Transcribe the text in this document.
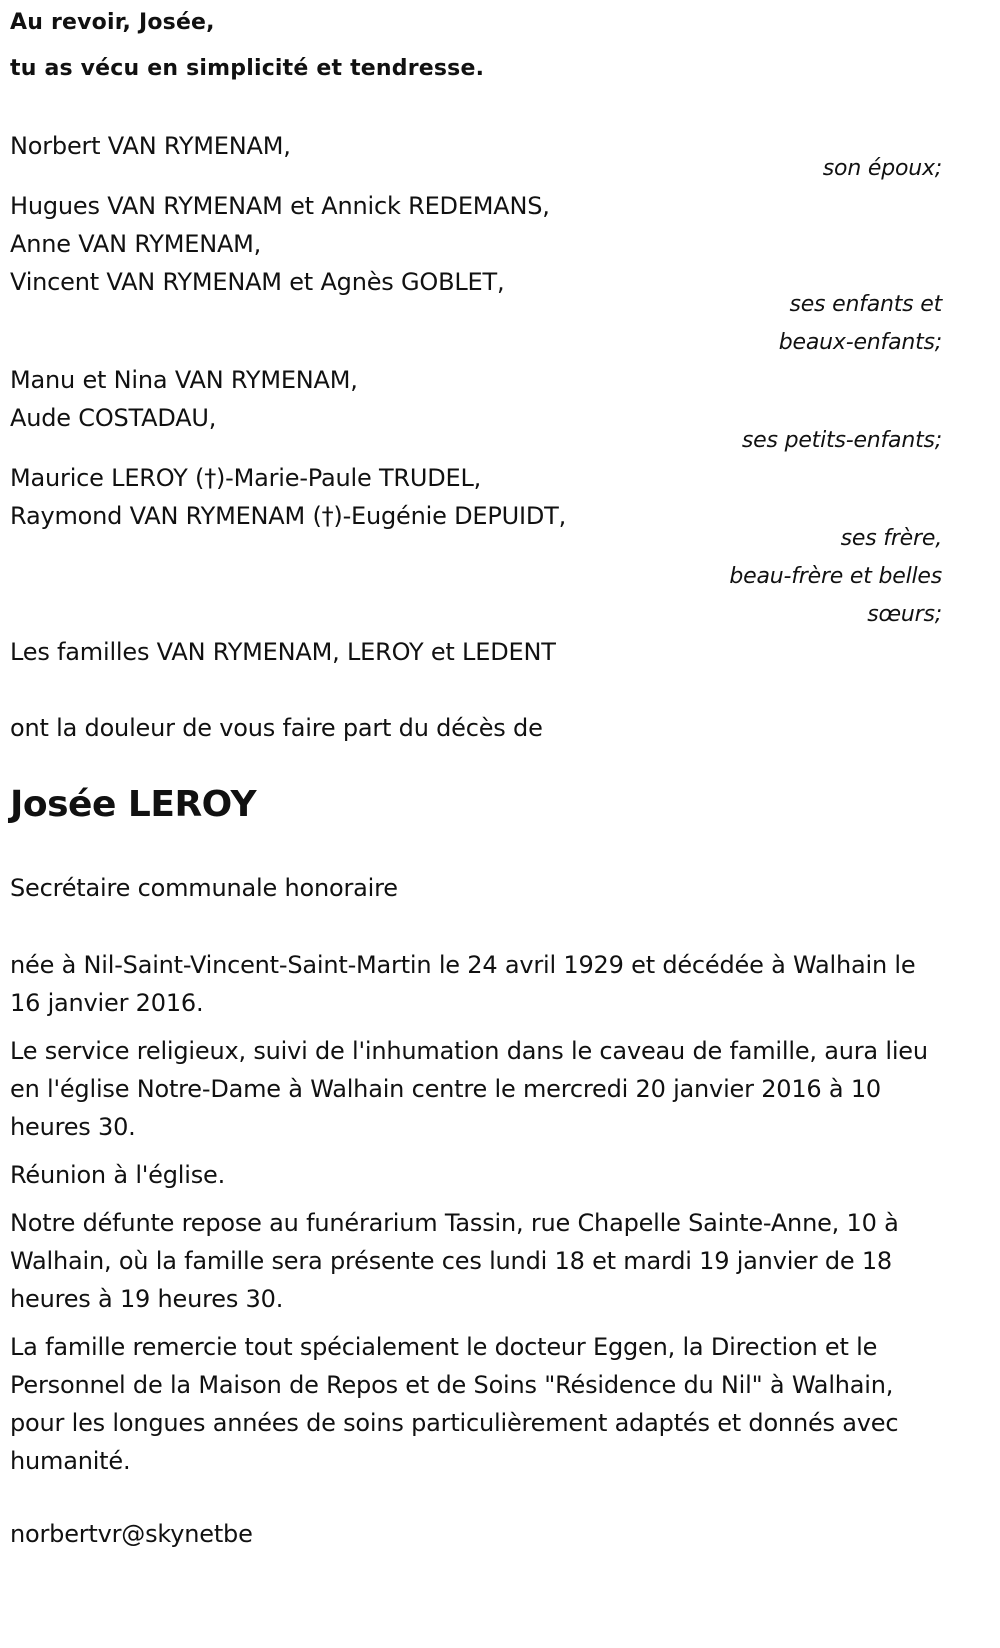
Au revoir, Josée,
tu as vécu en simplicité et tendresse.
Norbert VAN RYMENAM,
son époux;
Hugues VAN RYMENAM et Annick REDEMANS,
Anne VAN RYMENAM,
Vincent VAN RYMENAM et Agnès GOBLET,
ses enfants et
beaux-enfants;
Manu et Nina VAN RYMENAM,
Aude COSTADAU,
ses petits-enfants;
Maurice LEROY (†)-Marie-Paule TRUDEL,
Raymond VAN RYMENAM (†)-Eugénie DEPUIDT,
ses frère,
beau-frère et belles
sœurs;
Les familles VAN RYMENAM, LEROY et LEDENT
ont la douleur de vous faire part du décès de
Josée LEROY
Secrétaire communale honoraire
née à Nil-Saint-Vincent-Saint-Martin le 24 avril 1929 et décédée à Walhain le 16 janvier 2016.
Le service religieux, suivi de l'inhumation dans le caveau de famille, aura lieu en l'église Notre-Dame à Walhain centre le mercredi 20 janvier 2016 à 10 heures 30.
Réunion à l'église.
Notre défunte repose au funérarium Tassin, rue Chapelle Sainte-Anne, 10 à Walhain, où la famille sera présente ces lundi 18 et mardi 19 janvier de 18 heures à 19 heures 30.
La famille remercie tout spécialement le docteur Eggen, la Direction et le Personnel de la Maison de Repos et de Soins "Résidence du Nil" à Walhain, pour les longues années de soins particulièrement adaptés et donnés avec humanité.
norbertvr@skynetbe
